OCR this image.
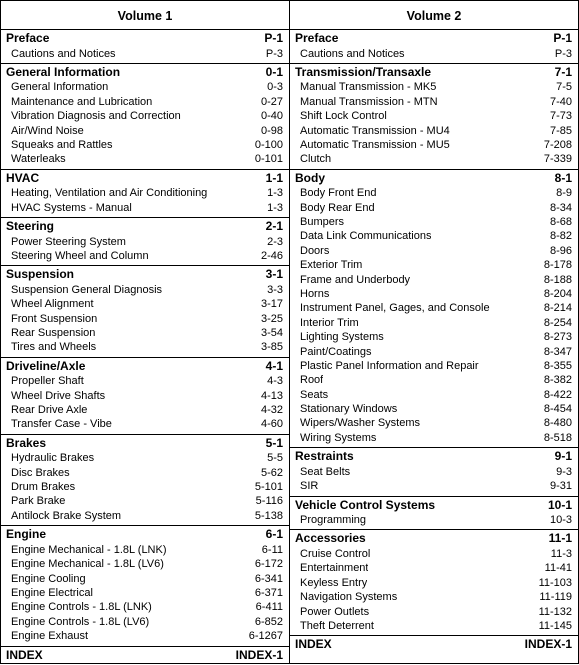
Volume 1
Preface	P-1
Cautions and Notices	P-3
General Information	0-1
General Information	0-3
Maintenance and Lubrication	0-27
Vibration Diagnosis and Correction	0-40
Air/Wind Noise	0-98
Squeaks and Rattles	0-100
Waterleaks	0-101
HVAC	1-1
Heating, Ventilation and Air Conditioning	1-3
HVAC Systems - Manual	1-3
Steering	2-1
Power Steering System	2-3
Steering Wheel and Column	2-46
Suspension	3-1
Suspension General Diagnosis	3-3
Wheel Alignment	3-17
Front Suspension	3-25
Rear Suspension	3-54
Tires and Wheels	3-85
Driveline/Axle	4-1
Propeller Shaft	4-3
Wheel Drive Shafts	4-13
Rear Drive Axle	4-32
Transfer Case - Vibe	4-60
Brakes	5-1
Hydraulic Brakes	5-5
Disc Brakes	5-62
Drum Brakes	5-101
Park Brake	5-116
Antilock Brake System	5-138
Engine	6-1
Engine Mechanical - 1.8L (LNK)	6-11
Engine Mechanical - 1.8L (LV6)	6-172
Engine Cooling	6-341
Engine Electrical	6-371
Engine Controls - 1.8L (LNK)	6-411
Engine Controls - 1.8L (LV6)	6-852
Engine Exhaust	6-1267
INDEX	INDEX-1
Volume 2
Preface	P-1
Cautions and Notices	P-3
Transmission/Transaxle	7-1
Manual Transmission - MK5	7-5
Manual Transmission - MTN	7-40
Shift Lock Control	7-73
Automatic Transmission - MU4	7-85
Automatic Transmission - MU5	7-208
Clutch	7-339
Body	8-1
Body Front End	8-9
Body Rear End	8-34
Bumpers	8-68
Data Link Communications	8-82
Doors	8-96
Exterior Trim	8-178
Frame and Underbody	8-188
Horns	8-204
Instrument Panel, Gages, and Console	8-214
Interior Trim	8-254
Lighting Systems	8-273
Paint/Coatings	8-347
Plastic Panel Information and Repair	8-355
Roof	8-382
Seats	8-422
Stationary Windows	8-454
Wipers/Washer Systems	8-480
Wiring Systems	8-518
Restraints	9-1
Seat Belts	9-3
SIR	9-31
Vehicle Control Systems	10-1
Programming	10-3
Accessories	11-1
Cruise Control	11-3
Entertainment	11-41
Keyless Entry	11-103
Navigation Systems	11-119
Power Outlets	11-132
Theft Deterrent	11-145
INDEX	INDEX-1
